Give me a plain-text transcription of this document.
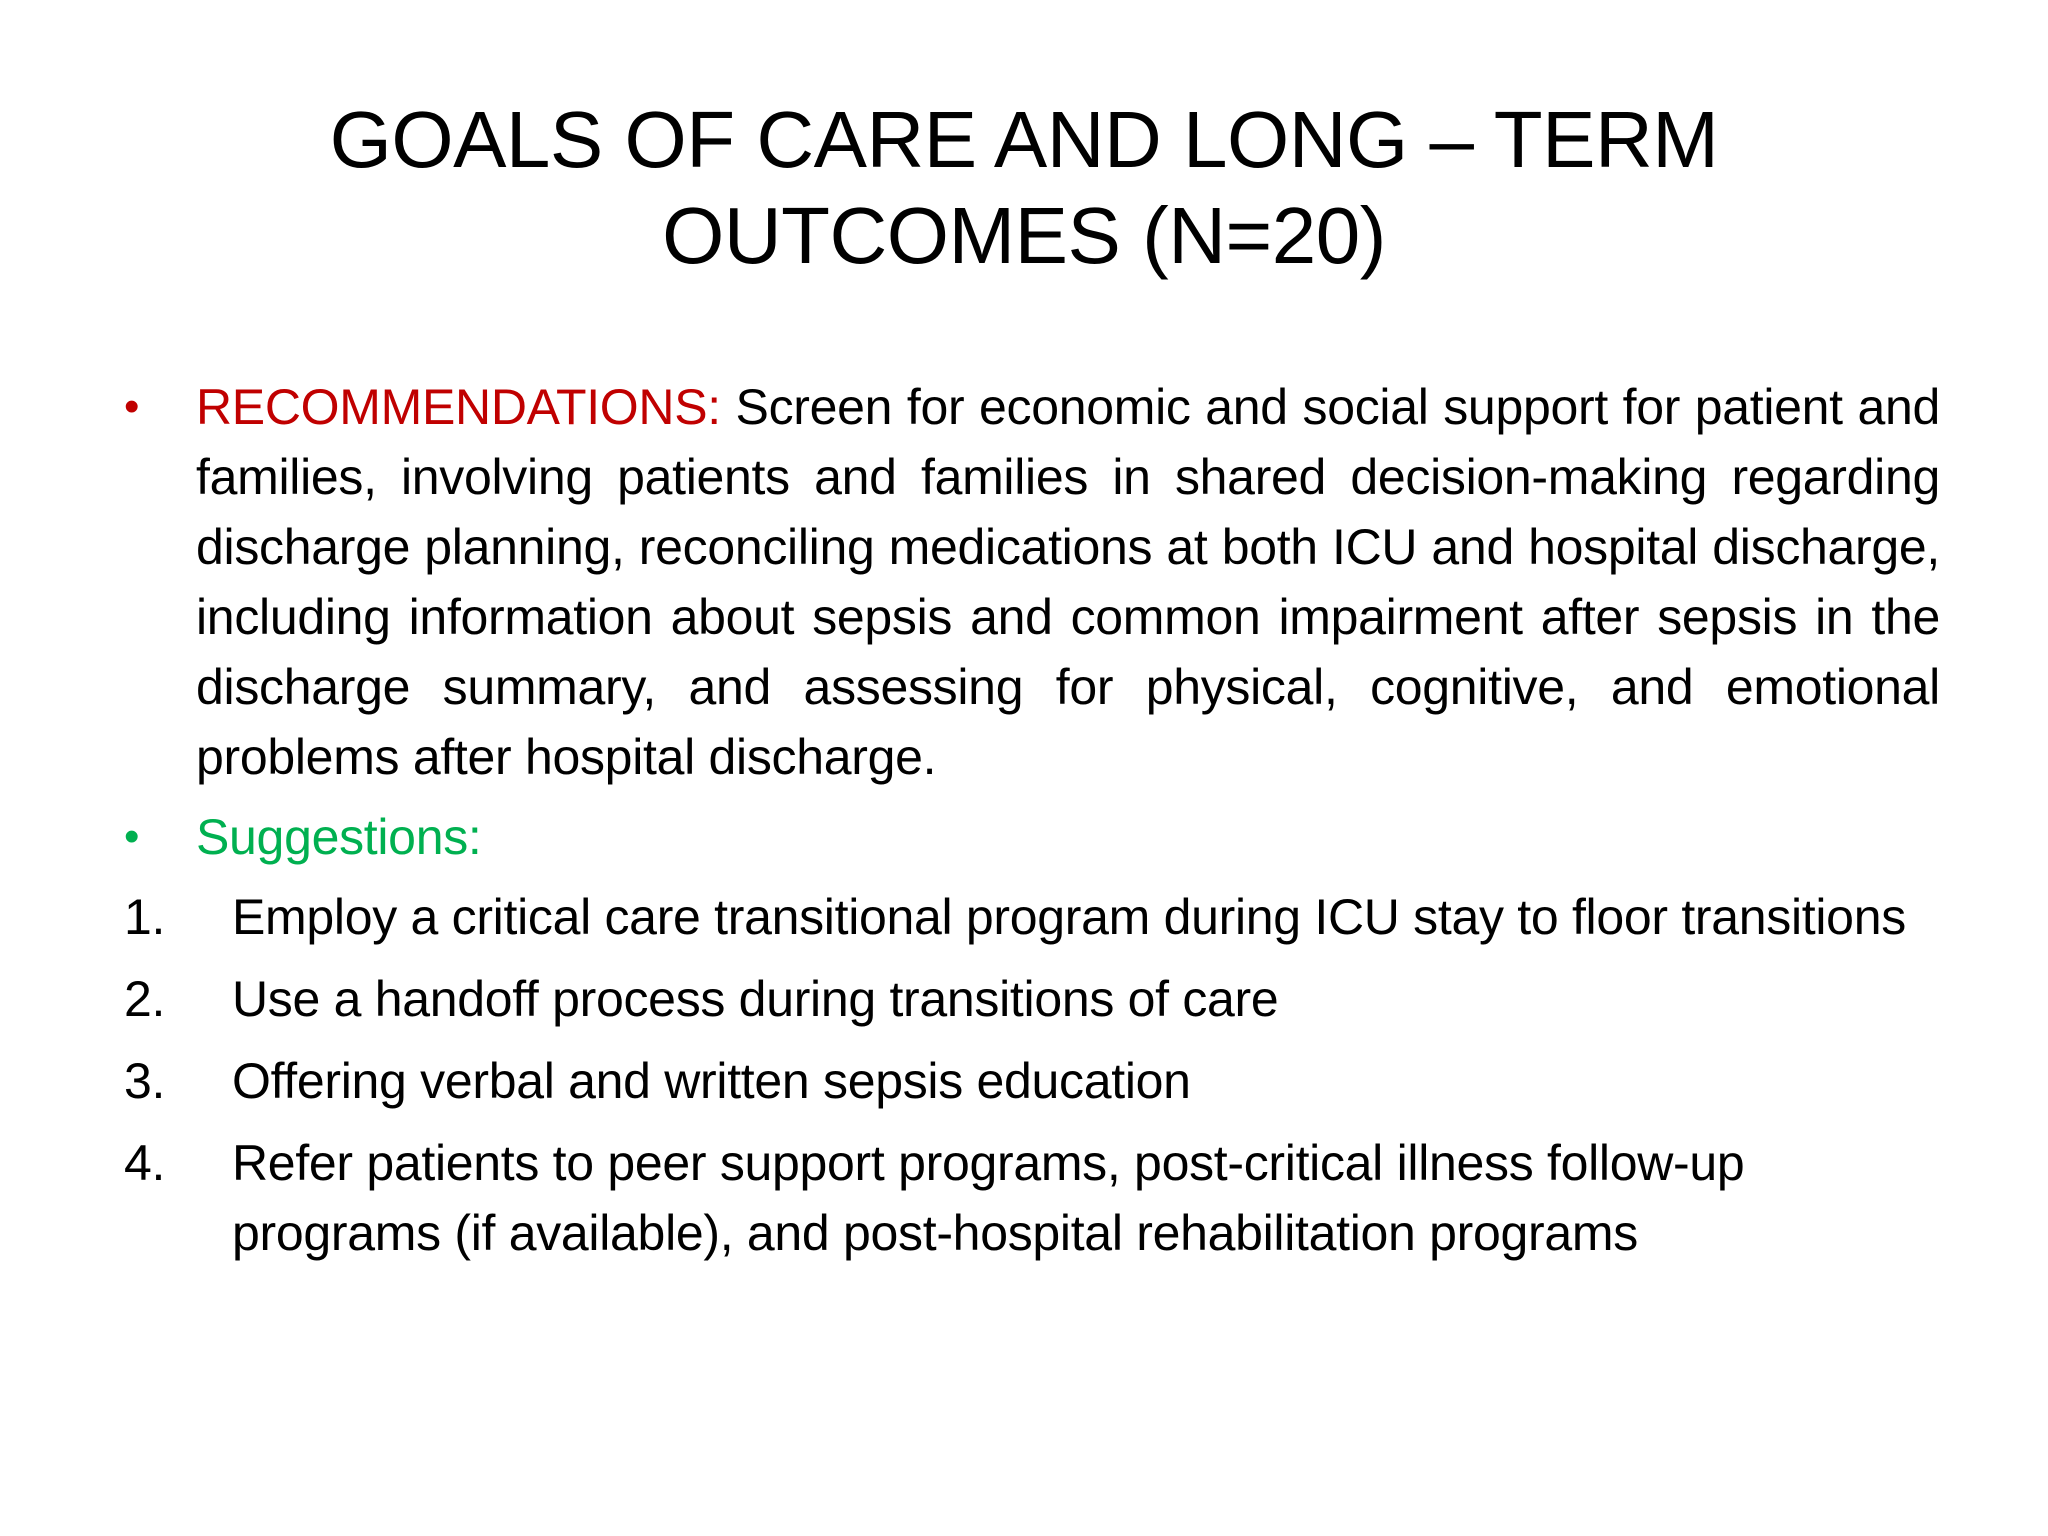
GOALS OF CARE AND LONG – TERM OUTCOMES (N=20)
• RECOMMENDATIONS: Screen for economic and social support for patient and families, involving patients and families in shared decision-making regarding discharge planning, reconciling medications at both ICU and hospital discharge, including information about sepsis and common impairment after sepsis in the discharge summary, and assessing for physical, cognitive, and emotional problems after hospital discharge.
• Suggestions:
1. Employ a critical care transitional program during ICU stay to floor transitions
2. Use a handoff process during transitions of care
3. Offering verbal and written sepsis education
4. Refer patients to peer support programs, post-critical illness follow-up programs (if available), and post-hospital rehabilitation programs
